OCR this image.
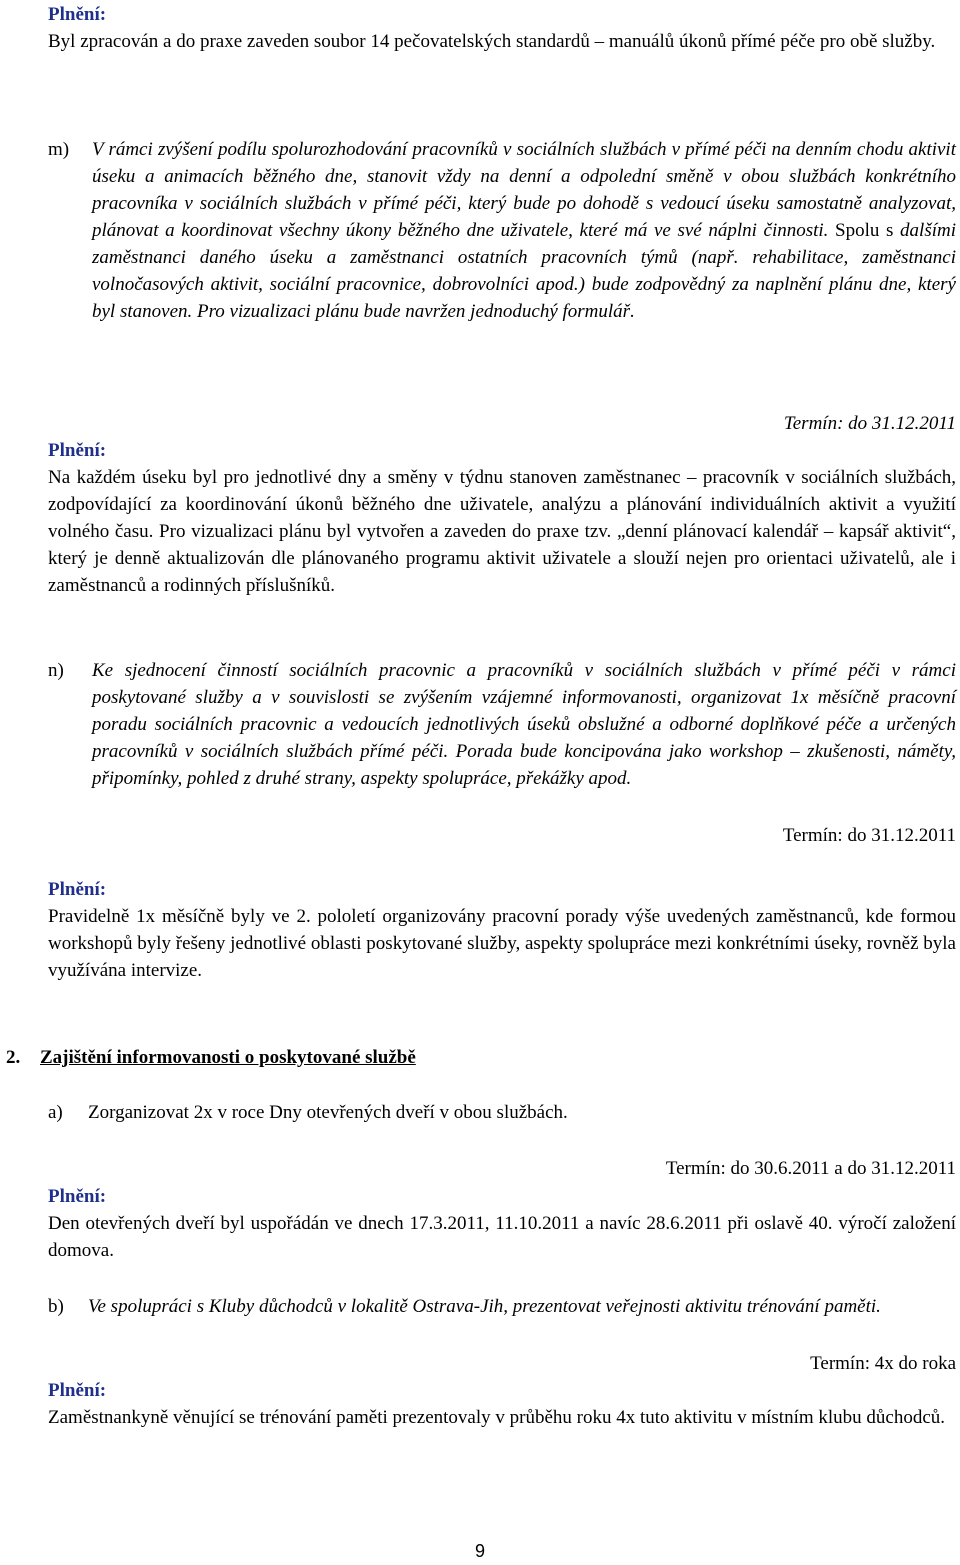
Plnění:
Byl zpracován a do praxe zaveden soubor 14 pečovatelských standardů – manuálů úkonů přímé péče pro obě služby.
m) V rámci zvýšení podílu spolurozhodování pracovníků v sociálních službách v přímé péči na denním chodu aktivit úseku a animacích běžného dne, stanovit vždy na denní a odpolední směně v obou službách konkrétního pracovníka v sociálních službách v přímé péči, který bude po dohodě s vedoucí úseku samostatně analyzovat, plánovat a koordinovat všechny úkony běžného dne uživatele, které má ve své náplni činnosti. Spolu s dalšími zaměstnanci daného úseku a zaměstnanci ostatních pracovních týmů (např. rehabilitace, zaměstnanci volnočasových aktivit, sociální pracovnice, dobrovolníci apod.) bude zodpovědný za naplnění plánu dne, který byl stanoven. Pro vizualizaci plánu bude navržen jednoduchý formulář.
Termín: do 31.12.2011
Plnění:
Na každém úseku byl pro jednotlivé dny a směny v týdnu stanoven zaměstnanec – pracovník v sociálních službách, zodpovídající za koordinování úkonů běžného dne uživatele, analýzu a plánování individuálních aktivit a využití volného času. Pro vizualizaci plánu byl vytvořen a zaveden do praxe tzv. „denní plánovací kalendář – kapsář aktivit“, který je denně aktualizován dle plánovaného programu aktivit uživatele a slouží nejen pro orientaci uživatelů, ale i zaměstnanců a rodinných příslušníků.
n) Ke sjednocení činností sociálních pracovnic a pracovníků v sociálních službách v přímé péči v rámci poskytované služby a v souvislosti se zvýšením vzájemné informovanosti, organizovat 1x měsíčně pracovní poradu sociálních pracovnic a vedoucích jednotlivých úseků obslužné a odborné doplňkové péče a určených pracovníků v sociálních službách přímé péči. Porada bude koncipována jako workshop – zkušenosti, náměty, připomínky, pohled z druhé strany, aspekty spolupráce, překážky apod.
Termín: do 31.12.2011
Plnění:
Pravidelně 1x měsíčně byly ve 2. pololetí organizovány pracovní porady výše uvedených zaměstnanců, kde formou workshopů byly řešeny jednotlivé oblasti poskytované služby, aspekty spolupráce mezi konkrétními úseky, rovněž byla využívána intervize.
2. Zajištění informovanosti o poskytované službě
a) Zorganizovat 2x v roce Dny otevřených dveří v obou službách.
Termín: do 30.6.2011 a do 31.12.2011
Plnění:
Den otevřených dveří byl uspořádán ve dnech 17.3.2011, 11.10.2011 a navíc 28.6.2011 při oslavě 40. výročí založení domova.
b) Ve spolupráci s Kluby důchodců v lokalitě Ostrava-Jih, prezentovat veřejnosti aktivitu trénování paměti.
Termín: 4x do roka
Plnění:
Zaměstnankyně věnující se trénování paměti prezentovaly v průběhu roku 4x tuto aktivitu v místním klubu důchodců.
9
